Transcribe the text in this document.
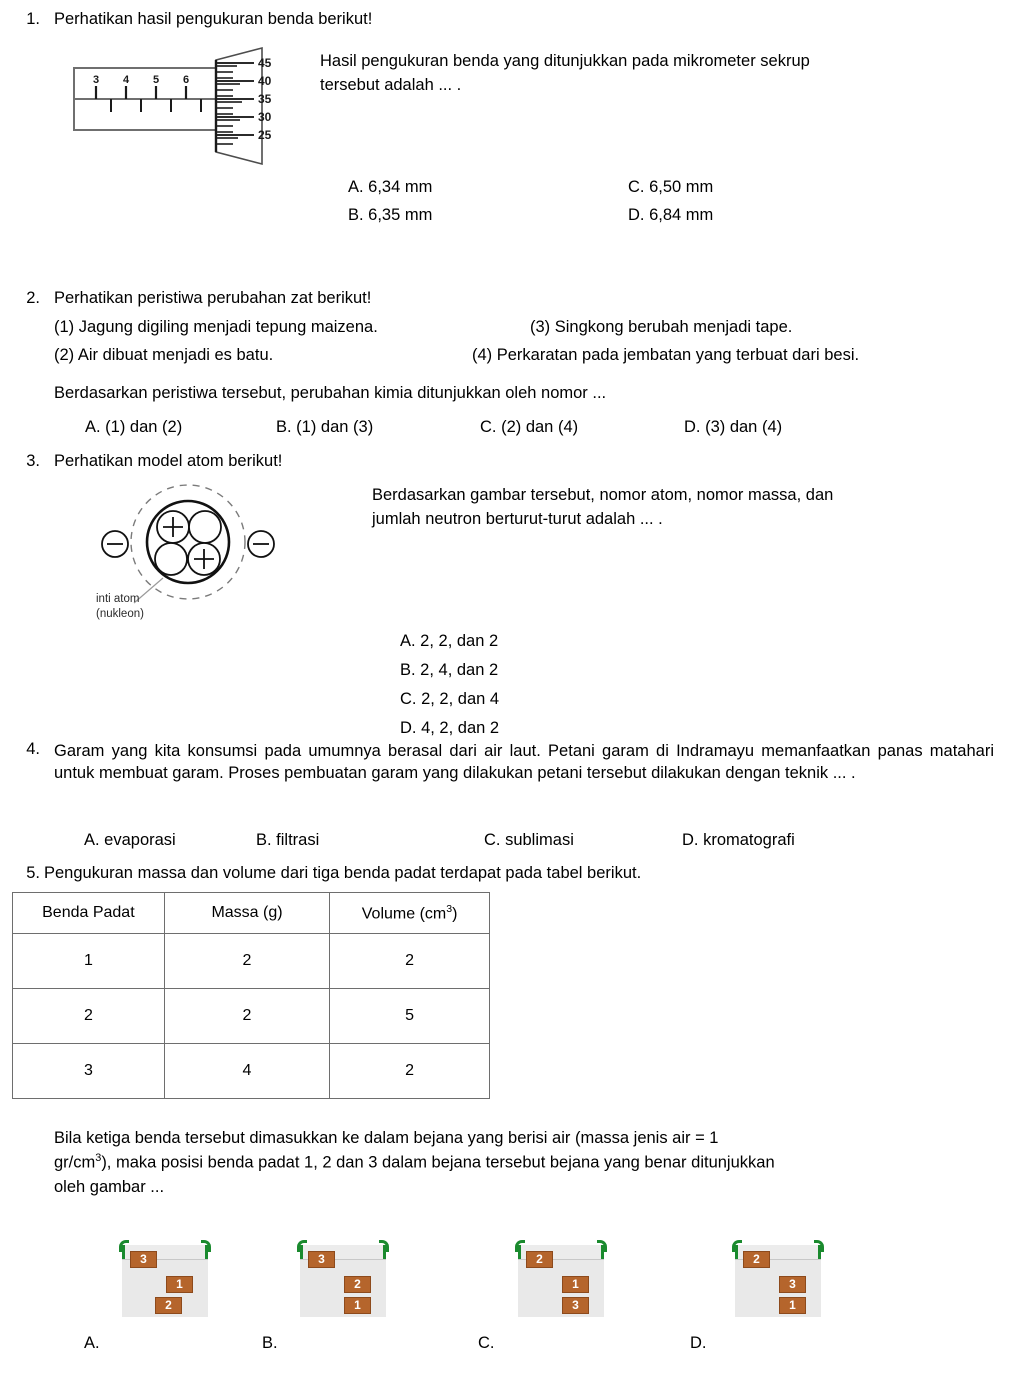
1. Perhatikan hasil pengukuran benda berikut!
3 4 5 6
45
40
35
30
25
Hasil pengukuran benda yang ditunjukkan pada mikrometer sekrup
tersebut adalah ... .
A. 6,34 mm
B. 6,35 mm
C. 6,50 mm
D. 6,84 mm
2. Perhatikan peristiwa perubahan zat berikut!
(1) Jagung digiling menjadi tepung maizena.
(2) Air dibuat menjadi es batu.
(3) Singkong berubah menjadi tape.
(4) Perkaratan pada jembatan yang terbuat dari besi.
Berdasarkan peristiwa tersebut, perubahan kimia ditunjukkan oleh nomor ...
A. (1) dan (2)	B. (1) dan (3)	C. (2) dan (4)	D. (3) dan (4)
3. Perhatikan model atom berikut!
inti atom
(nukleon)
Berdasarkan gambar tersebut, nomor atom, nomor massa, dan
jumlah neutron berturut-turut adalah ... .
A. 2, 2, dan 2
B. 2, 4, dan 2
C. 2, 2, dan 4
D. 4, 2, dan 2
4. Garam yang kita konsumsi pada umumnya berasal dari air laut. Petani garam di Indramayu memanfaatkan panas matahari untuk membuat garam. Proses pembuatan garam yang dilakukan petani tersebut dilakukan dengan teknik ... .
A. evaporasi	B. filtrasi	C. sublimasi	D. kromatografi
5. Pengukuran massa dan volume dari tiga benda padat terdapat pada tabel berikut.
Benda Padat	Massa (g)	Volume $(cm^3)$
1	2	2
2	2	5
3	4	2
Bila ketiga benda tersebut dimasukkan ke dalam bejana yang berisi air (massa jenis air = 1
$gr/cm^3$), maka posisi benda padat 1, 2 dan 3 dalam bejana tersebut bejana yang benar ditunjukkan
oleh gambar ...
3
1
2
3
2
1
2
1
3
2
3
1
A.	B.	C.	D.
